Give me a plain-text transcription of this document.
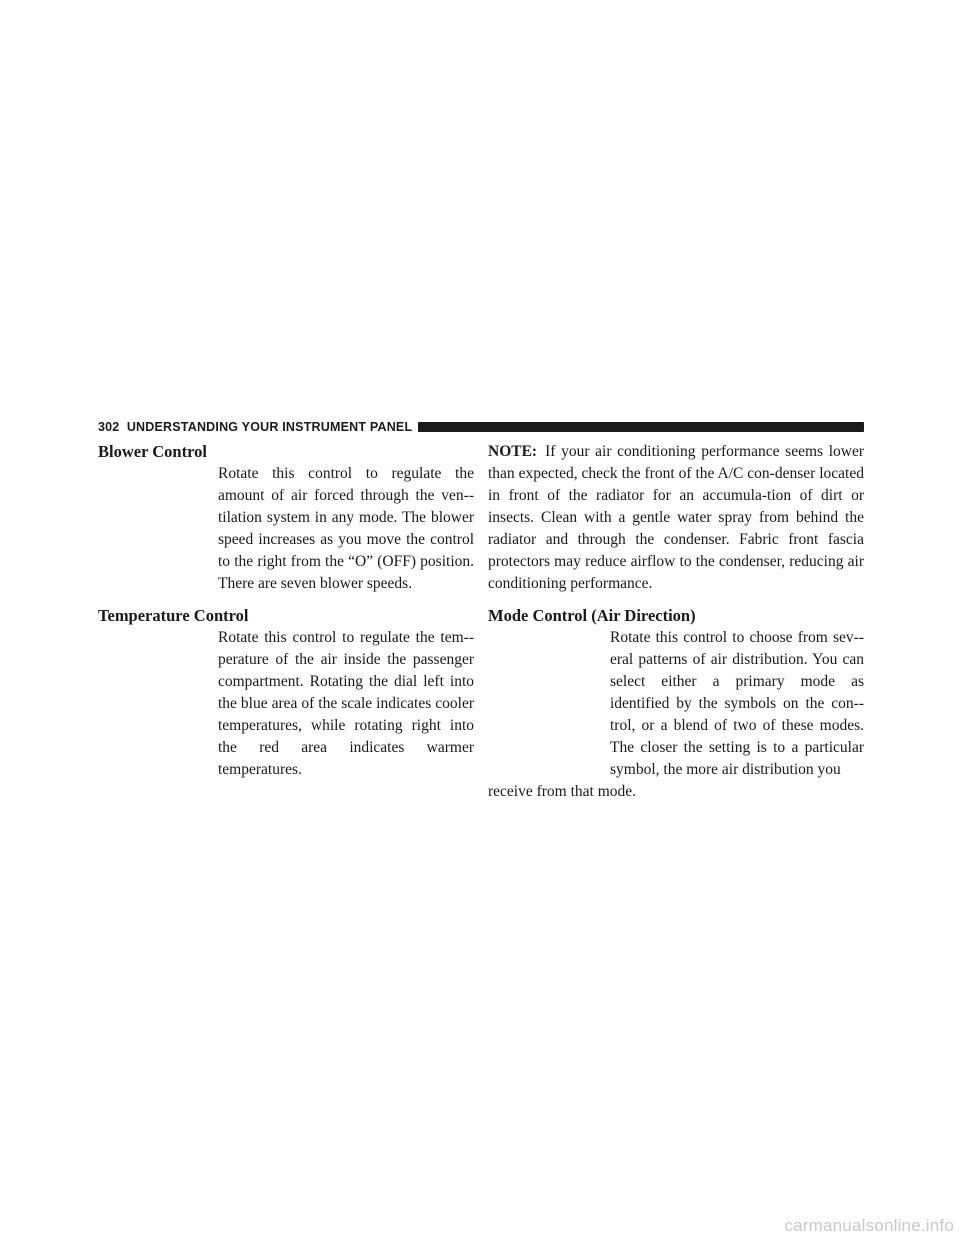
302 UNDERSTANDING YOUR INSTRUMENT PANEL
Blower Control

Rotate this control to regulate the amount of air forced through the ven-tilation system in any mode. The blower speed increases as you move the control to the right from the “O” (OFF) position. There are seven blower speeds.

Temperature Control

Rotate this control to regulate the tem-perature of the air inside the passenger compartment. Rotating the dial left into the blue area of the scale indicates cooler temperatures, while rotating right into the red area indicates warmer temperatures.

NOTE: If your air conditioning performance seems lower than expected, check the front of the A/C con-denser located in front of the radiator for an accumula-tion of dirt or insects. Clean with a gentle water spray from behind the radiator and through the condenser. Fabric front fascia protectors may reduce airflow to the condenser, reducing air conditioning performance.

Mode Control (Air Direction)

Rotate this control to choose from sev-eral patterns of air distribution. You can select either a primary mode as identified by the symbols on the con-trol, or a blend of two of these modes. The closer the setting is to a particular symbol, the more air distribution you

receive from that mode.

carmanualsonline.info
